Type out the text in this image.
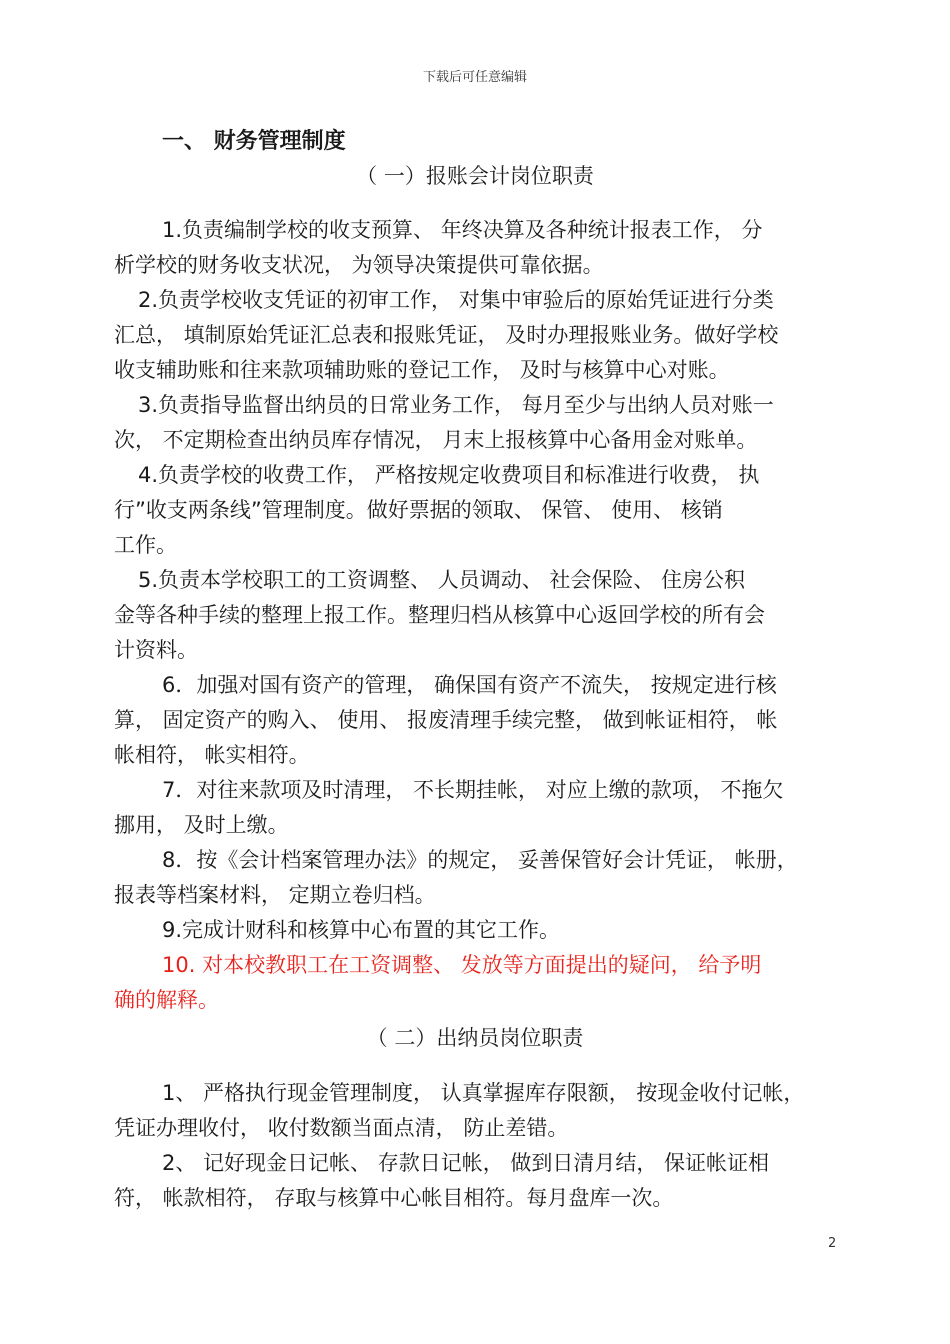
下载后可任意编辑
一、 财务管理制度
（ 一）报账会计岗位职责
1.负责编制学校的收支预算、 年终决算及各种统计报表工作， 分
析学校的财务收支状况， 为领导决策提供可靠依据。
2.负责学校收支凭证的初审工作， 对集中审验后的原始凭证进行分类
汇总， 填制原始凭证汇总表和报账凭证， 及时办理报账业务。做好学校
收支辅助账和往来款项辅助账的登记工作， 及时与核算中心对账。
3.负责指导监督出纳员的日常业务工作， 每月至少与出纳人员对账一
次， 不定期检查出纳员库存情况， 月末上报核算中心备用金对账单。
4.负责学校的收费工作， 严格按规定收费项目和标准进行收费， 执
行”收支两条线”管理制度。做好票据的领取、 保管、 使用、 核销
工作。
5.负责本学校职工的工资调整、 人员调动、 社会保险、 住房公积
金等各种手续的整理上报工作。整理归档从核算中心返回学校的所有会
计资料。
6．加强对国有资产的管理， 确保国有资产不流失， 按规定进行核
算， 固定资产的购入、 使用、 报废清理手续完整， 做到帐证相符， 帐
帐相符， 帐实相符。
7．对往来款项及时清理， 不长期挂帐， 对应上缴的款项， 不拖欠
挪用， 及时上缴。
8．按《会计档案管理办法》的规定， 妥善保管好会计凭证， 帐册，
报表等档案材料， 定期立卷归档。
9.完成计财科和核算中心布置的其它工作。
10. 对本校教职工在工资调整、 发放等方面提出的疑问， 给予明
确的解释。
（ 二）出纳员岗位职责
1、 严格执行现金管理制度， 认真掌握库存限额， 按现金收付记帐，
凭证办理收付， 收付数额当面点清， 防止差错。
2、 记好现金日记帐、 存款日记帐， 做到日清月结， 保证帐证相
符， 帐款相符， 存取与核算中心帐目相符。每月盘库一次。
2
